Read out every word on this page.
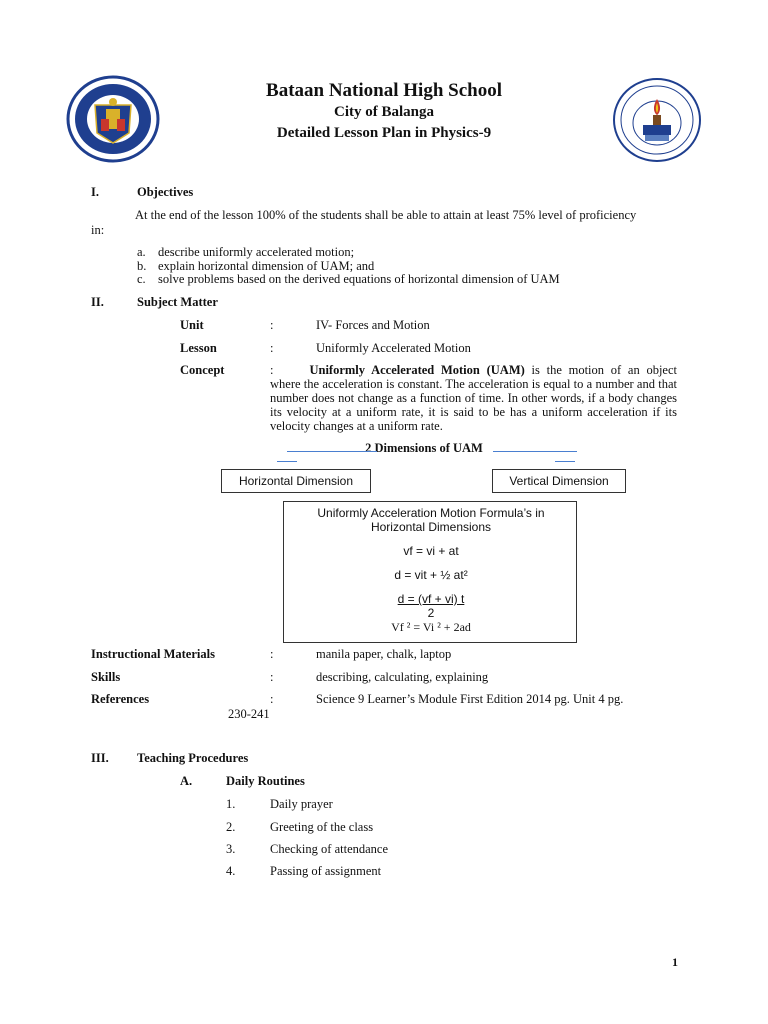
Bataan National High School
City of Balanga
Detailed Lesson Plan in Physics-9
I.	Objectives
At the end of the lesson 100% of the students shall be able to attain at least 75% level of proficiency in:
a. describe uniformly accelerated motion;
b. explain horizontal dimension of UAM; and
c. solve problems based on the derived equations of horizontal dimension of UAM
II.	Subject Matter
Unit	:	IV- Forces and Motion
Lesson	:	Uniformly Accelerated Motion
Concept	:	Uniformly Accelerated Motion (UAM) is the motion of an object where the acceleration is constant. The acceleration is equal to a number and that number does not change as a function of time. In other words, if a body changes its velocity at a uniform rate, it is said to be has a uniform acceleration if its velocity changes at a uniform rate.
2 Dimensions of UAM
Horizontal Dimension	Vertical Dimension
Uniformly Acceleration Motion Formula’s in Horizontal Dimensions
vf = vi + at
d = vit + ½ at²
d = (vf + vi) t
2
Vf ² = Vi ² + 2ad
Instructional Materials	:	manila paper, chalk, laptop
Skills	:	describing, calculating, explaining
References	:	Science 9 Learner’s Module First Edition 2014 pg. Unit 4 pg.
230-241
III. Teaching Procedures
A.	Daily Routines
1.	Daily prayer
2.	Greeting of the class
3.	Checking of attendance
4.	Passing of assignment
1
